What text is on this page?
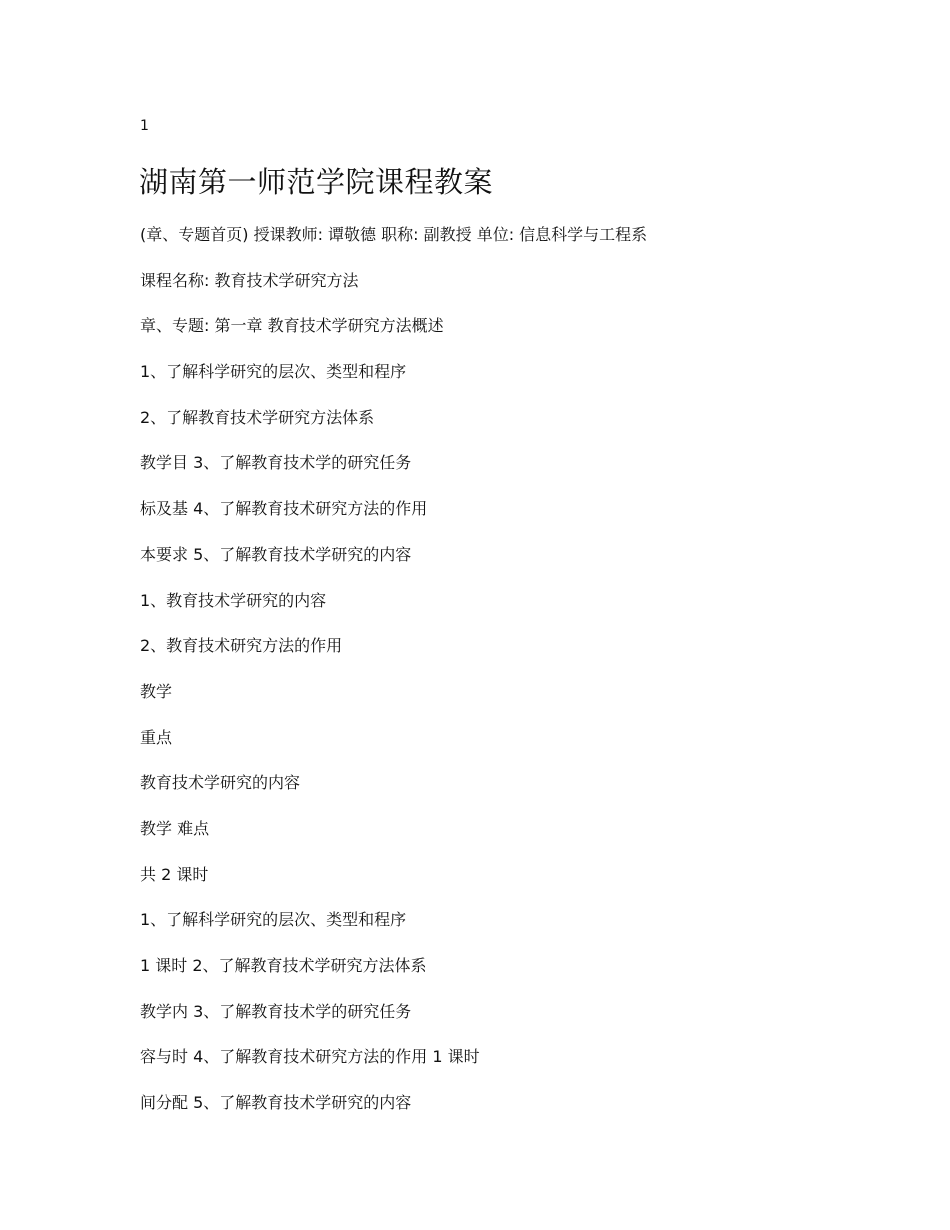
1
湖南第一师范学院课程教案
(章、专题首页) 授课教师: 谭敬德 职称: 副教授 单位: 信息科学与工程系
课程名称: 教育技术学研究方法
章、专题: 第一章 教育技术学研究方法概述
1、了解科学研究的层次、类型和程序
2、了解教育技术学研究方法体系
教学目 3、了解教育技术学的研究任务
标及基 4、了解教育技术研究方法的作用
本要求 5、了解教育技术学研究的内容
1、教育技术学研究的内容
2、教育技术研究方法的作用
教学
重点
教育技术学研究的内容
教学 难点
共 2 课时
1、了解科学研究的层次、类型和程序
1 课时 2、了解教育技术学研究方法体系
教学内 3、了解教育技术学的研究任务
容与时 4、了解教育技术研究方法的作用 1 课时
间分配 5、了解教育技术学研究的内容
